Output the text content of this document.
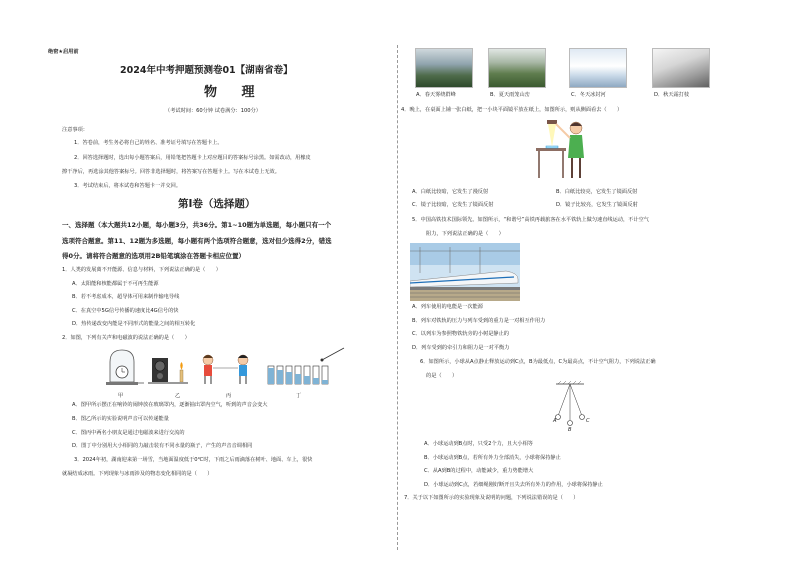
绝密★启用前
2024年中考押题预测卷01【湖南省卷】
物 理
（考试时间：60分钟 试卷满分：100分）
注意事项：
1．答卷前，考生务必将自己的姓名、准考证号填写在答题卡上。
2．回答选择题时，选出每小题答案后，用铅笔把答题卡上对应题目的答案标号涂黑。如需改动，用橡皮
擦干净后，再选涂其他答案标号。回答非选择题时，将答案写在答题卡上。写在本试卷上无效。
3．考试结束后，将本试卷和答题卡一并交回。
第Ⅰ卷（选择题）
一、选择题（本大题共12小题，每小题3分，共36分。第1~10题为单选题，每小题只有一个
选项符合题意。第11、12题为多选题，每小题有两个选项符合题意，选对但少选得2分，错选
得0分。请将符合题意的选项用2B铅笔填涂在答题卡相应位置）
1．人类的发展离不开能源、信息与材料，下列说法正确的是（　　）
A．太阳能和核能都属于不可再生能源
B．若不考虑成本，超导体可用来制作输电导线
C．在真空中5G信号传播的速度比4G信号的快
D．热传递改变内能是不同形式的能量之间的相互转化
2．如图，下列有关声和电磁波的说法正确的是（　　）
甲	乙	丙	丁
A．图甲所示摆正在响铃的闹钟放在玻璃罩内，逐渐抽出罩内空气，听到的声音会变大
B．图乙所示的实验说明声音可以传递能量
C．图丙中两名小朋友是通过电磁波来进行交流的
D．图丁中分别用大小相同的力敲击装有不同水量的瓶子，产生的声音音调相同
3．2024年初，湖南迎来第一场雪，当地面温度低于0℃时，下雨之后雨滴落在树叶、地面、车上，很快
就凝结成冰雨。下列现象与冰雨涉及的物态变化相同的是（　　）
A．春天雾绕群峰	B．夏天雨笼山峦	C．冬天冰封河	D．秋天霜打枝
4．晚上，在桌面上铺一张白纸，把一小块平面镜平放在纸上，如图所示，则从侧面看去（　　）
A．白纸比较暗，它发生了漫反射	B．白纸比较亮，它发生了镜面反射
C．镜子比较暗，它发生了镜面反射	D．镜子比较亮，它发生了镜面反射
5．中国高铁技术国际领先。如图所示，“和谐号”高铁再载旅客在水平铁轨上做匀速直线运动，不计空气
阻力，下列说法正确的是（　　）
A．列车使用的电能是一次能源
B．列车对铁轨的压力与列车受到的重力是一对相互作用力
C．以列车为参照物铁轨旁的小树是静止的
D．列车受到的牵引力和阻力是一对平衡力
6．如图所示，小球从A点静止释放运动到C点，B为最低点，C为最高点，不计空气阻力，下列说法正确
的是（　　）
A
B
C
A．小球运动到B点时，只受2个力，且大小相等
B．小球运动到B点，若所有外力全部消失，小球将保持静止
C．从A到B的过程中，动能减少，重力势能增大
D．小球运动到C点，若细绳刚好断开且失去所有外力的作用，小球将保持静止
7．关于以下如图所示的实验现象及说明的问题，下列说法错误的是（　　）
